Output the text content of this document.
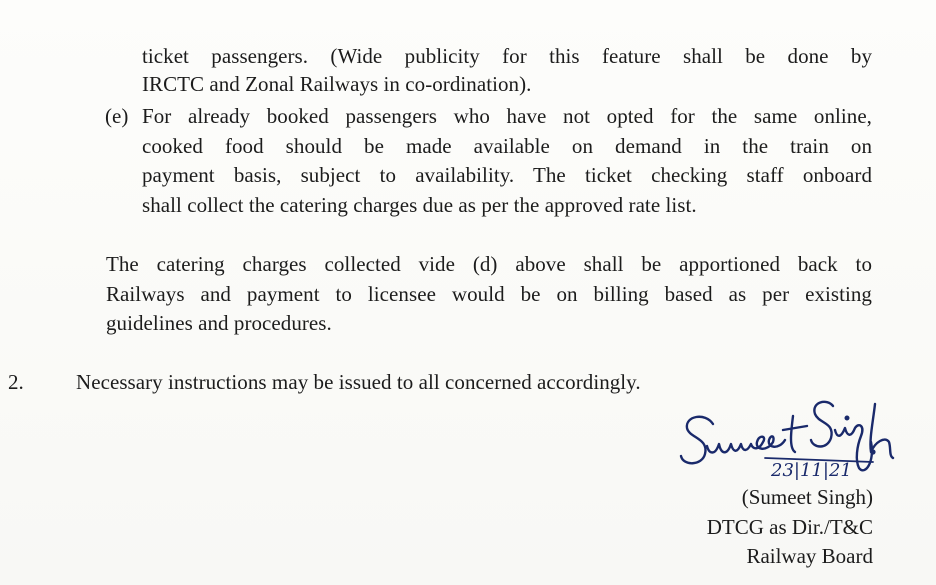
ticket passengers. (Wide publicity for this feature shall be done by
IRCTC and Zonal Railways in co-ordination).
(e) For already booked passengers who have not opted for the same online,
cooked food should be made available on demand in the train on
payment basis, subject to availability. The ticket checking staff onboard
shall collect the catering charges due as per the approved rate list.
The catering charges collected vide (d) above shall be apportioned back to
Railways and payment to licensee would be on billing based as per existing
guidelines and procedures.
2. Necessary instructions may be issued to all concerned accordingly.
23|11|21
(Sumeet Singh)
DTCG as Dir./T&C
Railway Board
